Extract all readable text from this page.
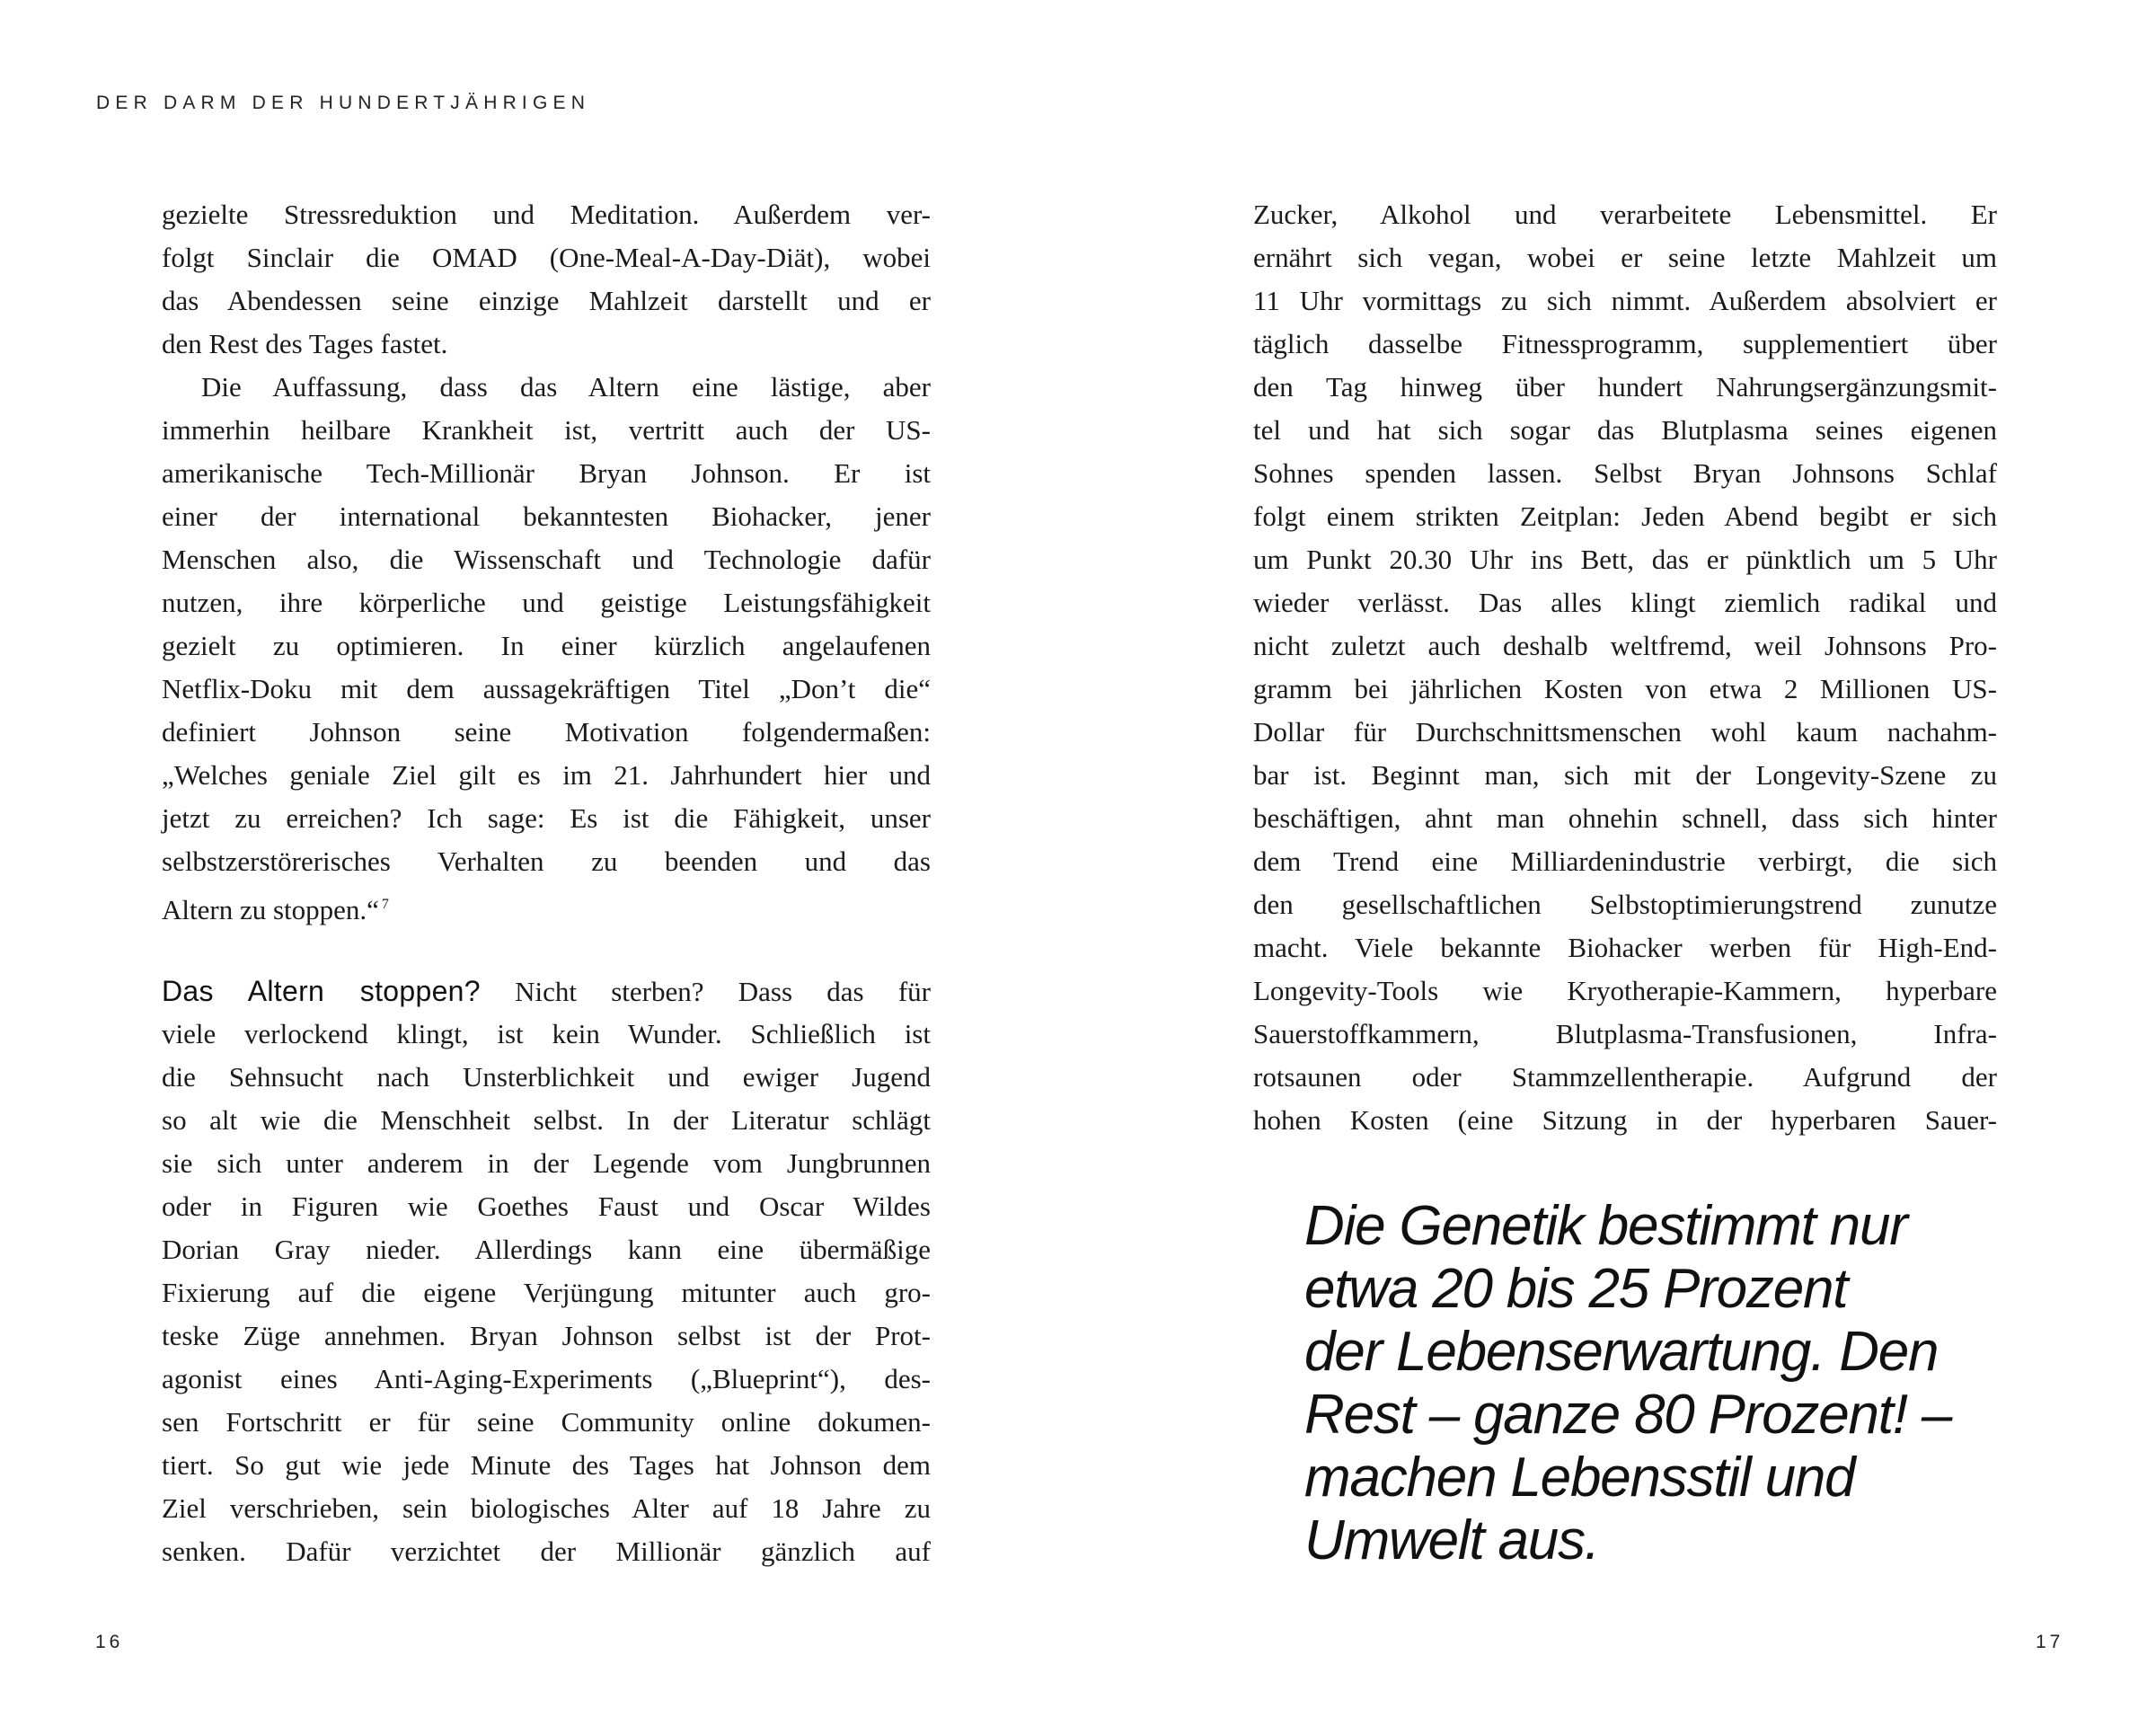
DER DARM DER HUNDERTJÄHRIGEN
gezielte Stressreduktion und Meditation. Außerdem ver-
folgt Sinclair die OMAD (One-Meal-A-Day-Diät), wobei
das Abendessen seine einzige Mahlzeit darstellt und er
den Rest des Tages fastet.
Die Auffassung, dass das Altern eine lästige, aber
immerhin heilbare Krankheit ist, vertritt auch der US-
amerikanische Tech-Millionär Bryan Johnson. Er ist
einer der international bekanntesten Biohacker, jener
Menschen also, die Wissenschaft und Technologie dafür
nutzen, ihre körperliche und geistige Leistungsfähigkeit
gezielt zu optimieren. In einer kürzlich angelaufenen
Netflix-Doku mit dem aussagekräftigen Titel „Don’t die“
definiert Johnson seine Motivation folgendermaßen:
„Welches geniale Ziel gilt es im 21. Jahrhundert hier und
jetzt zu erreichen? Ich sage: Es ist die Fähigkeit, unser
selbstzerstörerisches Verhalten zu beenden und das
Altern zu stoppen.“ $^7$
Das Altern stoppen? Nicht sterben? Dass das für
viele verlockend klingt, ist kein Wunder. Schließlich ist
die Sehnsucht nach Unsterblichkeit und ewiger Jugend
so alt wie die Menschheit selbst. In der Literatur schlägt
sie sich unter anderem in der Legende vom Jungbrunnen
oder in Figuren wie Goethes Faust und Oscar Wildes
Dorian Gray nieder. Allerdings kann eine übermäßige
Fixierung auf die eigene Verjüngung mitunter auch gro-
teske Züge annehmen. Bryan Johnson selbst ist der Prot-
agonist eines Anti-Aging-Experiments („Blueprint“), des-
sen Fortschritt er für seine Community online dokumen-
tiert. So gut wie jede Minute des Tages hat Johnson dem
Ziel verschrieben, sein biologisches Alter auf 18 Jahre zu
senken. Dafür verzichtet der Millionär gänzlich auf
16
Zucker, Alkohol und verarbeitete Lebensmittel. Er
ernährt sich vegan, wobei er seine letzte Mahlzeit um
11 Uhr vormittags zu sich nimmt. Außerdem absolviert er
täglich dasselbe Fitnessprogramm, supplementiert über
den Tag hinweg über hundert Nahrungsergänzungsmit-
tel und hat sich sogar das Blutplasma seines eigenen
Sohnes spenden lassen. Selbst Bryan Johnsons Schlaf
folgt einem strikten Zeitplan: Jeden Abend begibt er sich
um Punkt 20.30 Uhr ins Bett, das er pünktlich um 5 Uhr
wieder verlässt. Das alles klingt ziemlich radikal und
nicht zuletzt auch deshalb weltfremd, weil Johnsons Pro-
gramm bei jährlichen Kosten von etwa 2 Millionen US-
Dollar für Durchschnittsmenschen wohl kaum nachahm-
bar ist. Beginnt man, sich mit der Longevity-Szene zu
beschäftigen, ahnt man ohnehin schnell, dass sich hinter
dem Trend eine Milliardenindustrie verbirgt, die sich
den gesellschaftlichen Selbstoptimierungstrend zunutze
macht. Viele bekannte Biohacker werben für High-End-
Longevity-Tools wie Kryotherapie-Kammern, hyperbare
Sauerstoffkammern, Blutplasma-Transfusionen, Infra-
rotsaunen oder Stammzellentherapie. Aufgrund der
hohen Kosten (eine Sitzung in der hyperbaren Sauer-
Die Genetik bestimmt nur
etwa 20 bis 25 Prozent
der Lebenserwartung. Den
Rest – ganze 80 Prozent! –
machen Lebensstil und
Umwelt aus.
17
